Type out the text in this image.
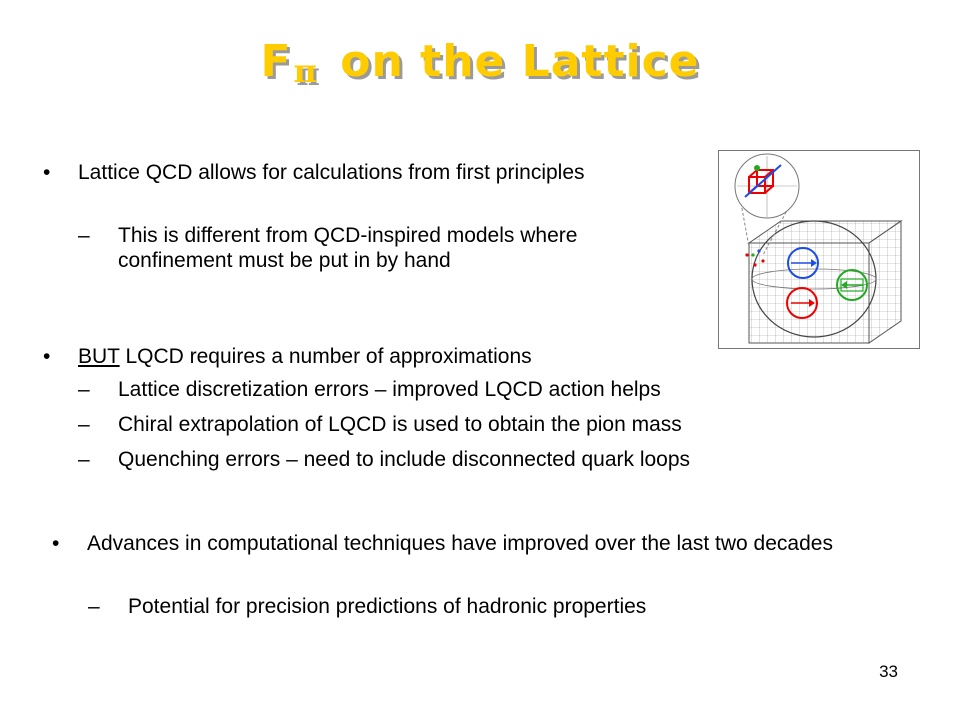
Fπ on the Lattice
• Lattice QCD allows for calculations from first principles
– This is different from QCD-inspired models where confinement must be put in by hand
• BUT LQCD requires a number of approximations
– Lattice discretization errors – improved LQCD action helps
– Chiral extrapolation of LQCD is used to obtain the pion mass
– Quenching errors – need to include disconnected quark loops
• Advances in computational techniques have improved over the last two decades
– Potential for precision predictions of hadronic properties
33
